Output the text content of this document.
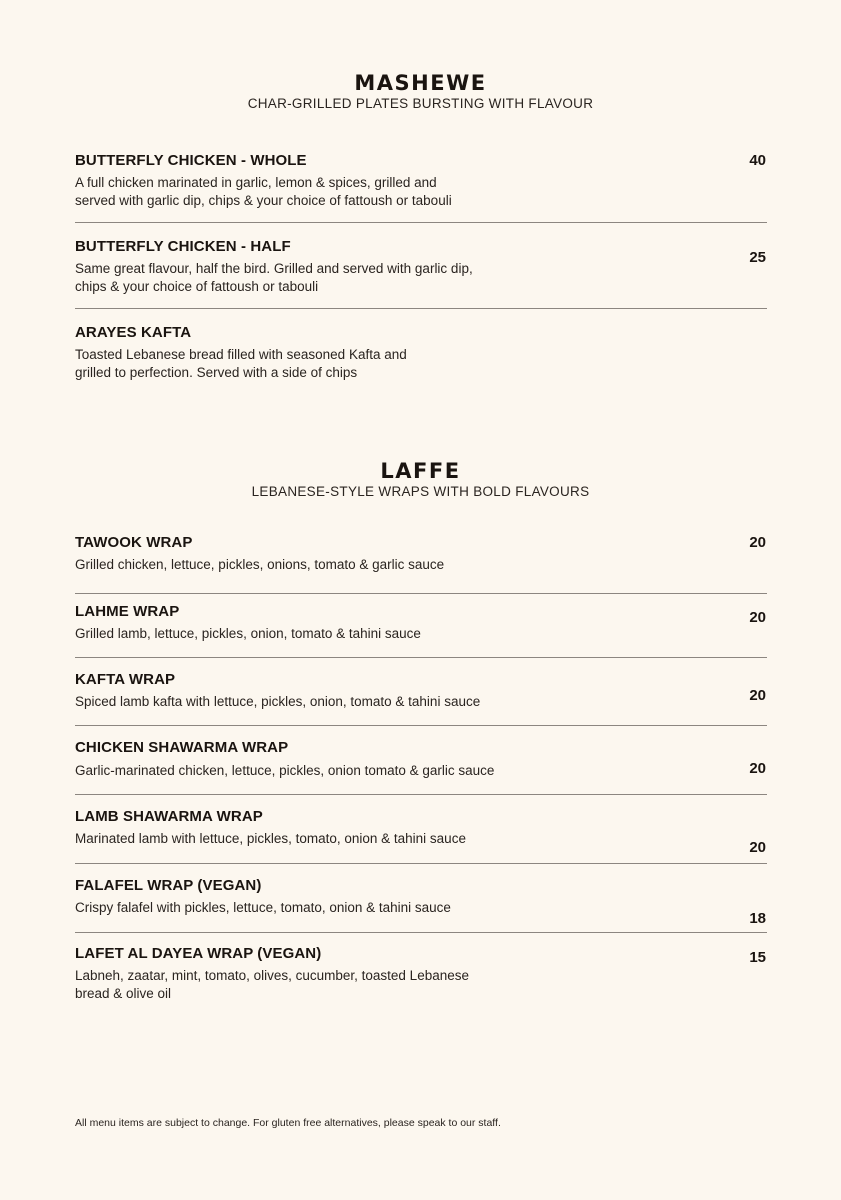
MASHEWE
CHAR-GRILLED PLATES BURSTING WITH FLAVOUR
BUTTERFLY CHICKEN - WHOLE
A full chicken marinated in garlic, lemon & spices, grilled and
served with garlic dip, chips & your choice of fattoush or tabouli
40
BUTTERFLY CHICKEN - HALF
Same great flavour, half the bird. Grilled and served with garlic dip,
chips & your choice of fattoush or tabouli
25
ARAYES KAFTA
Toasted Lebanese bread filled with seasoned Kafta and
grilled to perfection. Served with a side of chips
LAFFE
LEBANESE-STYLE WRAPS WITH BOLD FLAVOURS
TAWOOK WRAP
Grilled chicken, lettuce, pickles, onions, tomato & garlic sauce
20
LAHME WRAP
Grilled lamb, lettuce, pickles, onion, tomato & tahini sauce
20
KAFTA WRAP
Spiced lamb kafta with lettuce, pickles, onion, tomato & tahini sauce	20
CHICKEN SHAWARMA WRAP
Garlic-marinated chicken, lettuce, pickles, onion tomato & garlic sauce	20
LAMB SHAWARMA WRAP
Marinated lamb with lettuce, pickles, tomato, onion & tahini sauce
20
FALAFEL WRAP (VEGAN)
Crispy falafel with pickles, lettuce, tomato, onion & tahini sauce
18
LAFET AL DAYEA WRAP (VEGAN)
Labneh, zaatar, mint, tomato, olives, cucumber, toasted Lebanese
bread & olive oil
15
All menu items are subject to change. For gluten free alternatives, please speak to our staff.
